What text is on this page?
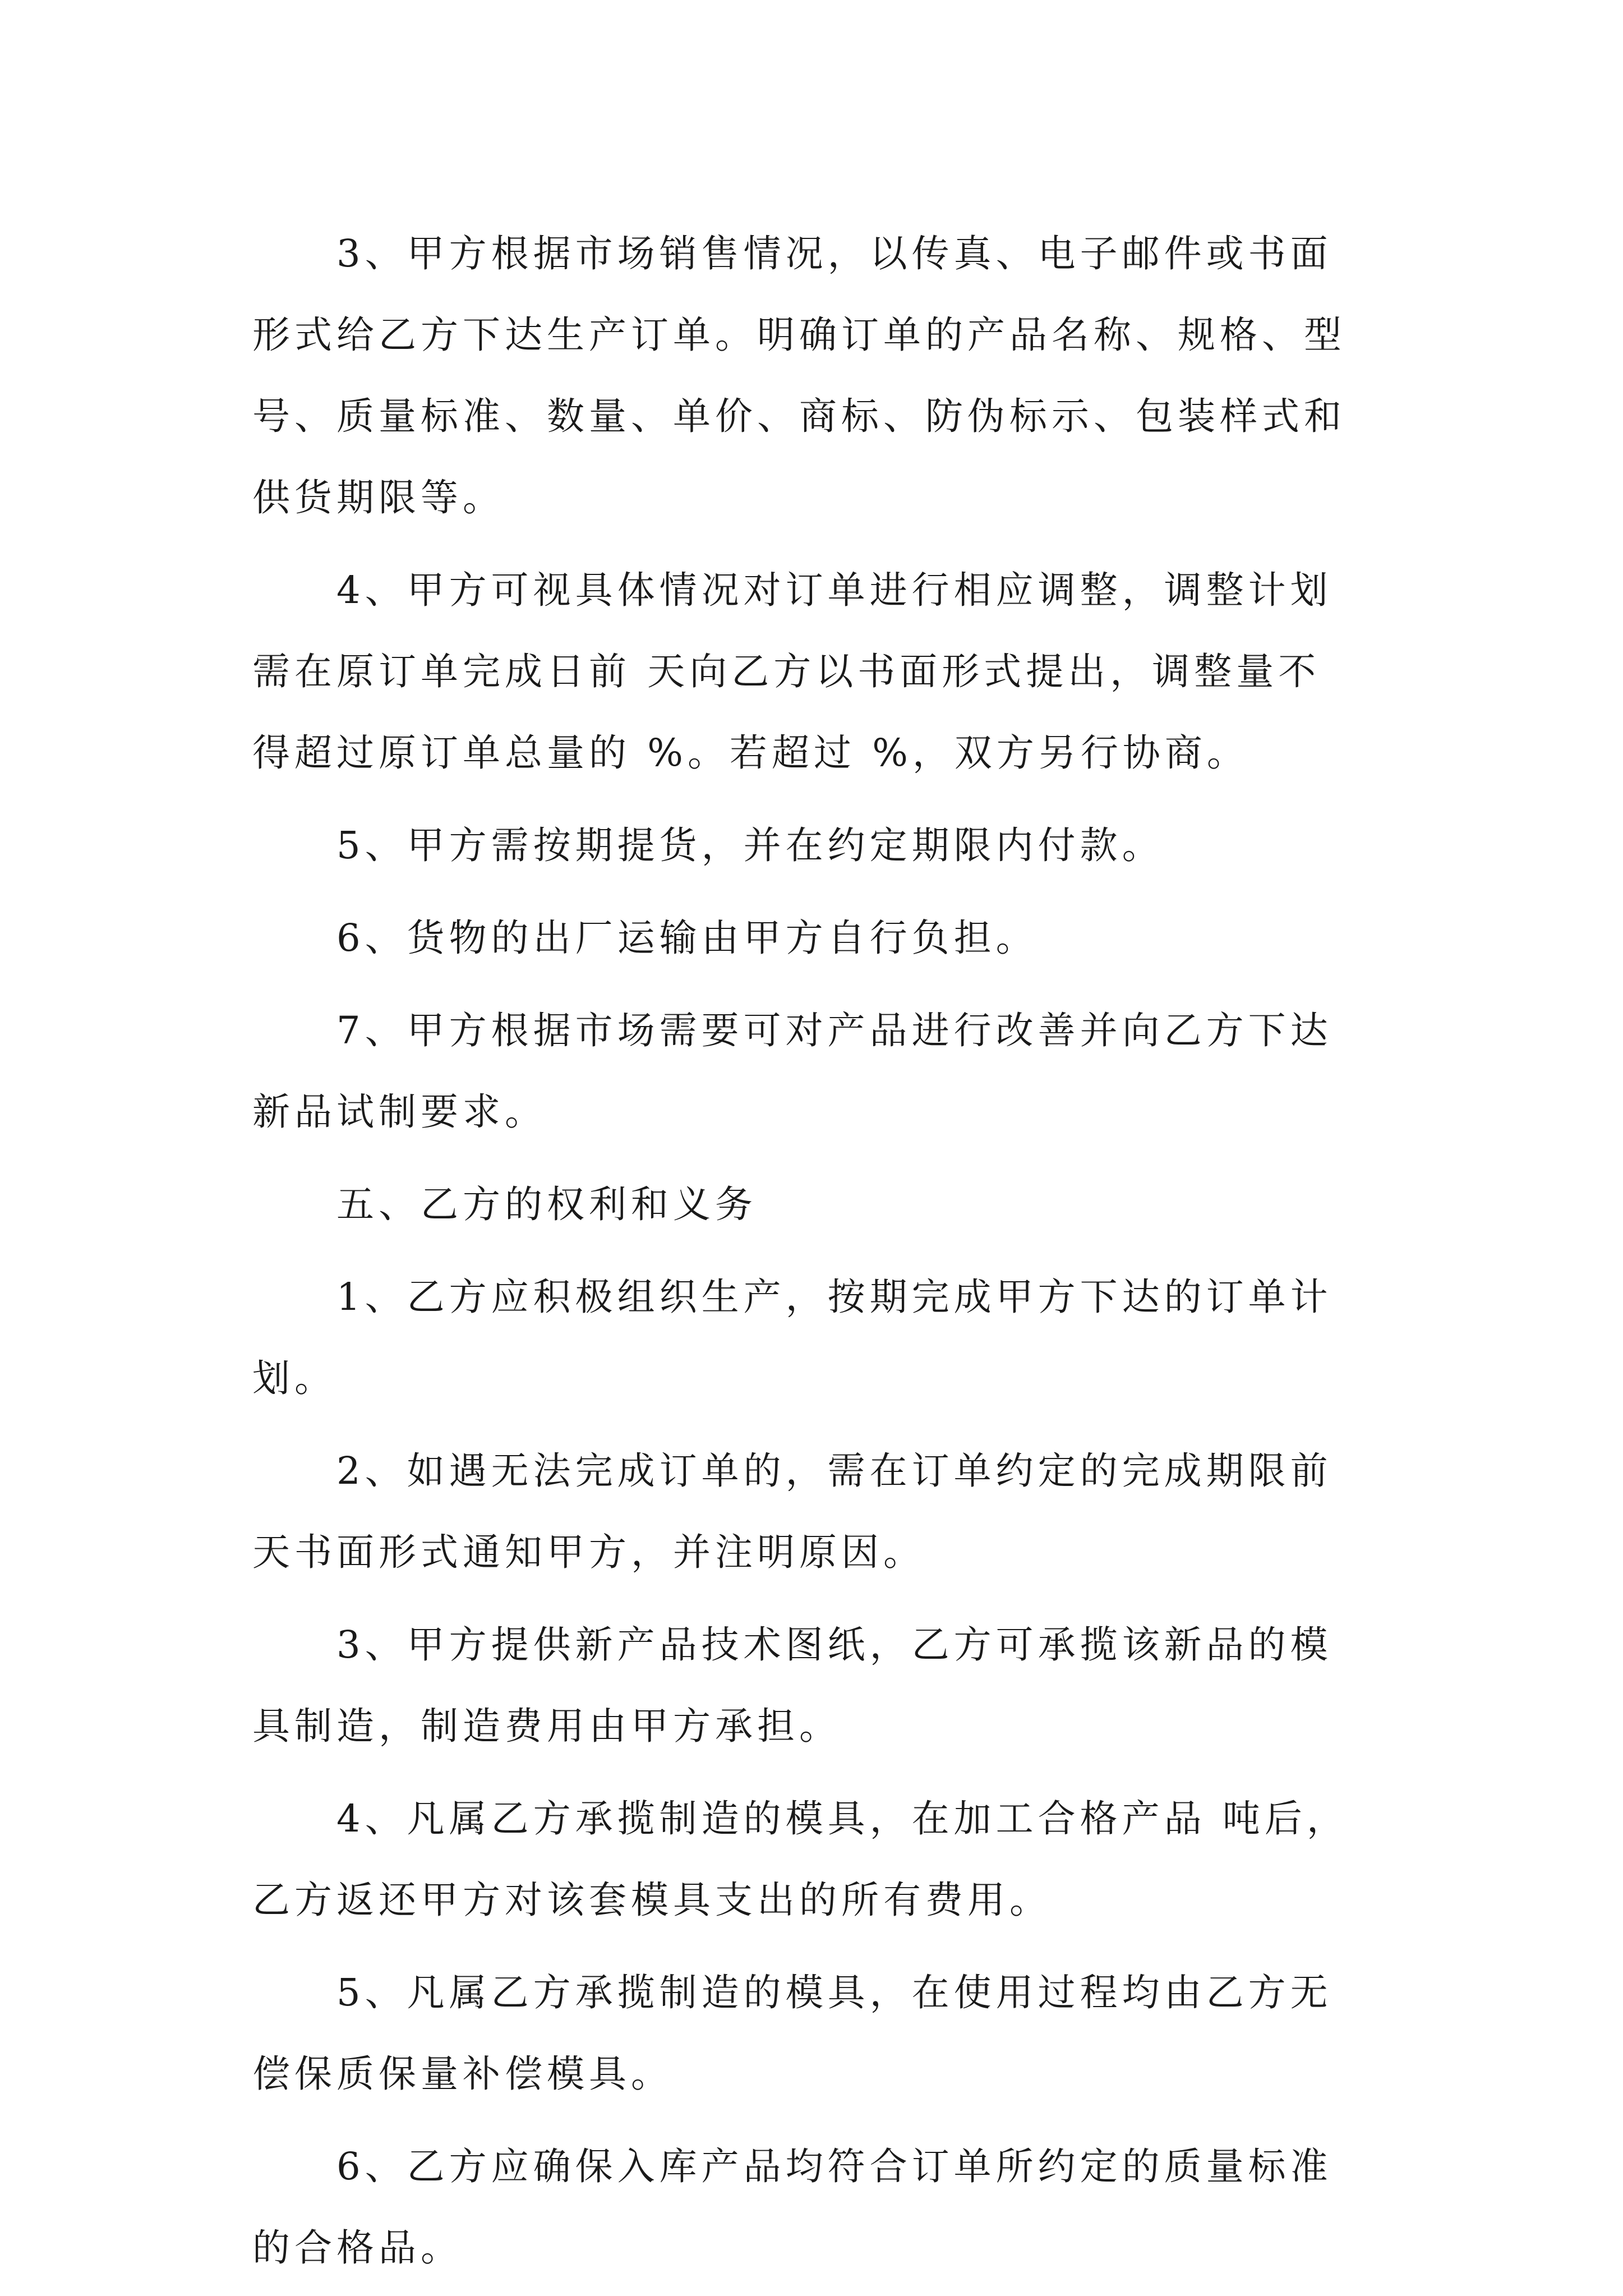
　　3、甲方根据市场销售情况，以传真、电子邮件或书面
形式给乙方下达生产订单。明确订单的产品名称、规格、型
号、质量标准、数量、单价、商标、防伪标示、包装样式和
供货期限等。
　　4、甲方可视具体情况对订单进行相应调整，调整计划
需在原订单完成日前 天向乙方以书面形式提出，调整量不
得超过原订单总量的 %。若超过 %，双方另行协商。
　　5、甲方需按期提货，并在约定期限内付款。
　　6、货物的出厂运输由甲方自行负担。
　　7、甲方根据市场需要可对产品进行改善并向乙方下达
新品试制要求。
　　五、乙方的权利和义务
　　1、乙方应积极组织生产，按期完成甲方下达的订单计
划。
　　2、如遇无法完成订单的，需在订单约定的完成期限前
天书面形式通知甲方，并注明原因。
　　3、甲方提供新产品技术图纸，乙方可承揽该新品的模
具制造，制造费用由甲方承担。
　　4、凡属乙方承揽制造的模具，在加工合格产品 吨后，
乙方返还甲方对该套模具支出的所有费用。
　　5、凡属乙方承揽制造的模具，在使用过程均由乙方无
偿保质保量补偿模具。
　　6、乙方应确保入库产品均符合订单所约定的质量标准
的合格品。
